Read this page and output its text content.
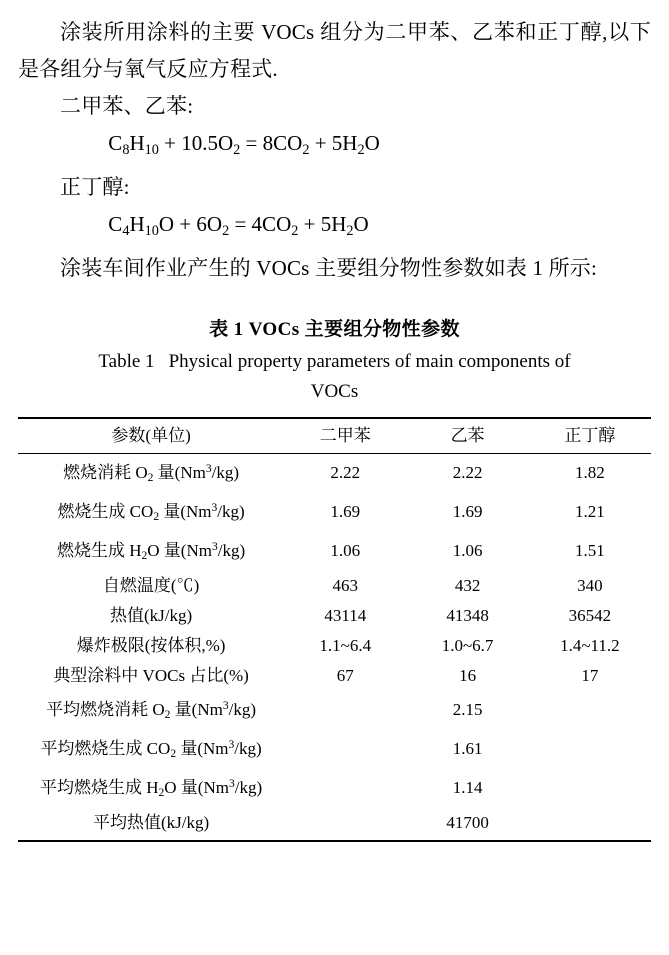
涂装所用涂料的主要 VOCs 组分为二甲苯、乙苯和正丁醇,以下是各组分与氧气反应方程式.

二甲苯、乙苯:

$C_8H_{10} + 10.5O_2 = 8CO_2 + 5H_2O$

正丁醇:

$C_4H_{10}O + 6O_2 = 4CO_2 + 5H_2O$

涂装车间作业产生的 VOCs 主要组分物性参数如表 1 所示:

表 1 VOCs 主要组分物性参数

Table 1 Physical property parameters of main components of

VOCs

参数(单位)	二甲苯	乙苯	正丁醇
燃烧消耗 $O_2$ 量(Nm$^3$/kg)	2.22	2.22	1.82
燃烧生成 $CO_2$ 量(Nm$^3$/kg)	1.69	1.69	1.21
燃烧生成 $H_2O$ 量(Nm$^3$/kg)	1.06	1.06	1.51
自燃温度(℃)	463	432	340
热值(kJ/kg)	43114	41348	36542
爆炸极限(按体积,%)	1.1~6.4	1.0~6.7	1.4~11.2
典型涂料中 VOCs 占比(%)	67	16	17
平均燃烧消耗 $O_2$ 量(Nm$^3$/kg)	2.15		
平均燃烧生成 $CO_2$ 量(Nm$^3$/kg)	1.61		
平均燃烧生成 $H_2O$ 量(Nm$^3$/kg)	1.14		
平均热值(kJ/kg)	41700		
